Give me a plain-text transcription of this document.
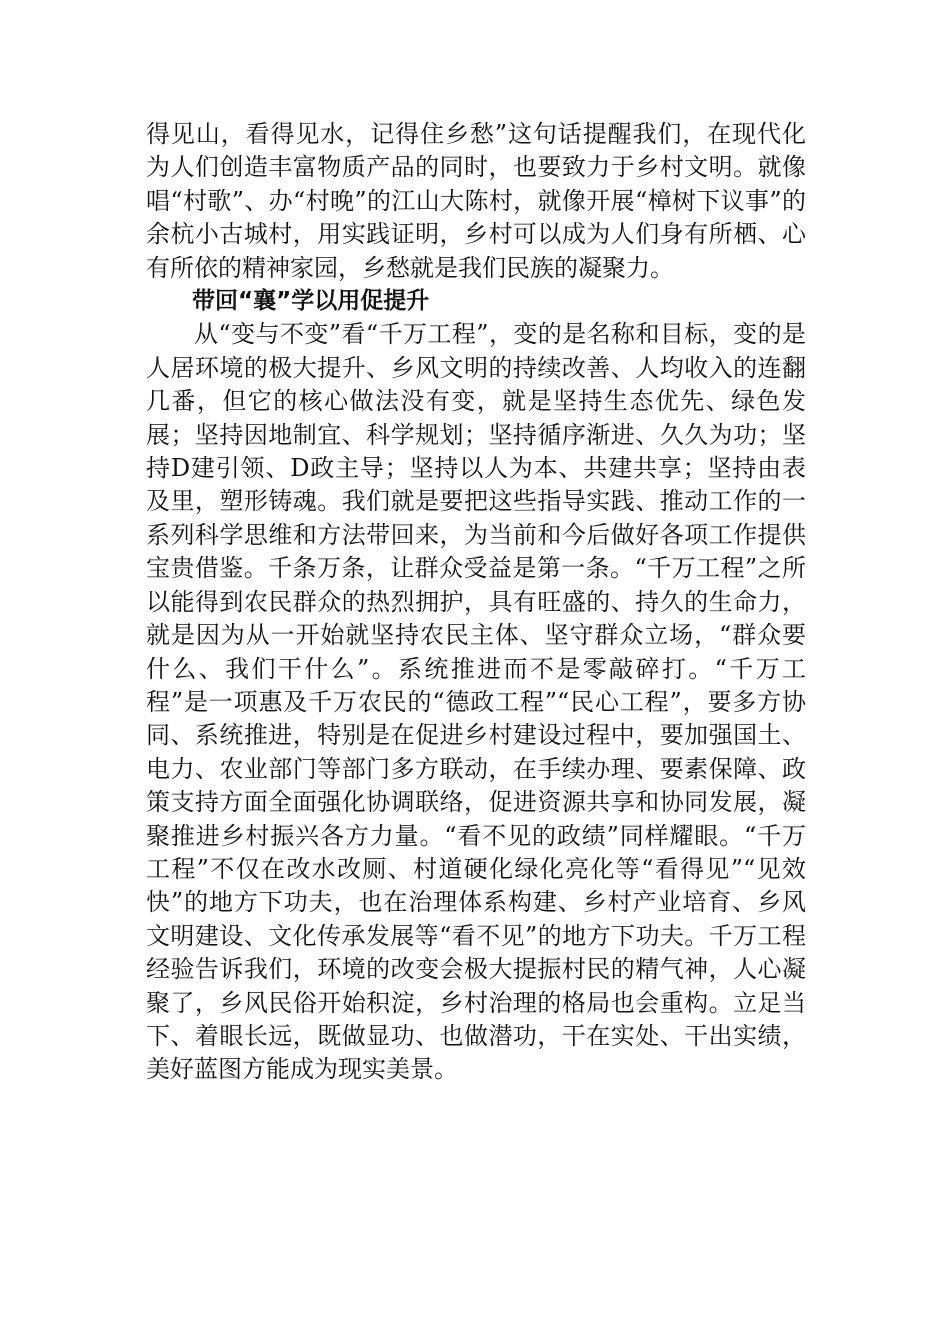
得见山，看得见水，记得住乡愁”这句话提醒我们，在现代化为人们创造丰富物质产品的同时，也要致力于乡村文明。就像唱“村歌”、办“村晚”的江山大陈村，就像开展“樟树下议事”的余杭小古城村，用实践证明，乡村可以成为人们身有所栖、心有所依的精神家园，乡愁就是我们民族的凝聚力。

带回“襄”学以用促提升

从“变与不变”看“千万工程”，变的是名称和目标，变的是人居环境的极大提升、乡风文明的持续改善、人均收入的连翻几番，但它的核心做法没有变，就是坚持生态优先、绿色发展；坚持因地制宜、科学规划；坚持循序渐进、久久为功；坚持D建引领、D政主导；坚持以人为本、共建共享；坚持由表及里，塑形铸魂。我们就是要把这些指导实践、推动工作的一系列科学思维和方法带回来，为当前和今后做好各项工作提供宝贵借鉴。千条万条，让群众受益是第一条。“千万工程”之所以能得到农民群众的热烈拥护，具有旺盛的、持久的生命力，就是因为从一开始就坚持农民主体、坚守群众立场，“群众要什么、我们干什么”。系统推进而不是零敲碎打。“千万工程”是一项惠及千万农民的“德政工程”“民心工程”，要多方协同、系统推进，特别是在促进乡村建设过程中，要加强国土、电力、农业部门等部门多方联动，在手续办理、要素保障、政策支持方面全面强化协调联络，促进资源共享和协同发展，凝聚推进乡村振兴各方力量。“看不见的政绩”同样耀眼。“千万工程”不仅在改水改厕、村道硬化绿化亮化等“看得见”“见效快”的地方下功夫，也在治理体系构建、乡村产业培育、乡风文明建设、文化传承发展等“看不见”的地方下功夫。千万工程经验告诉我们，环境的改变会极大提振村民的精气神，人心凝聚了，乡风民俗开始积淀，乡村治理的格局也会重构。立足当下、着眼长远，既做显功、也做潜功，干在实处、干出实绩，美好蓝图方能成为现实美景。
